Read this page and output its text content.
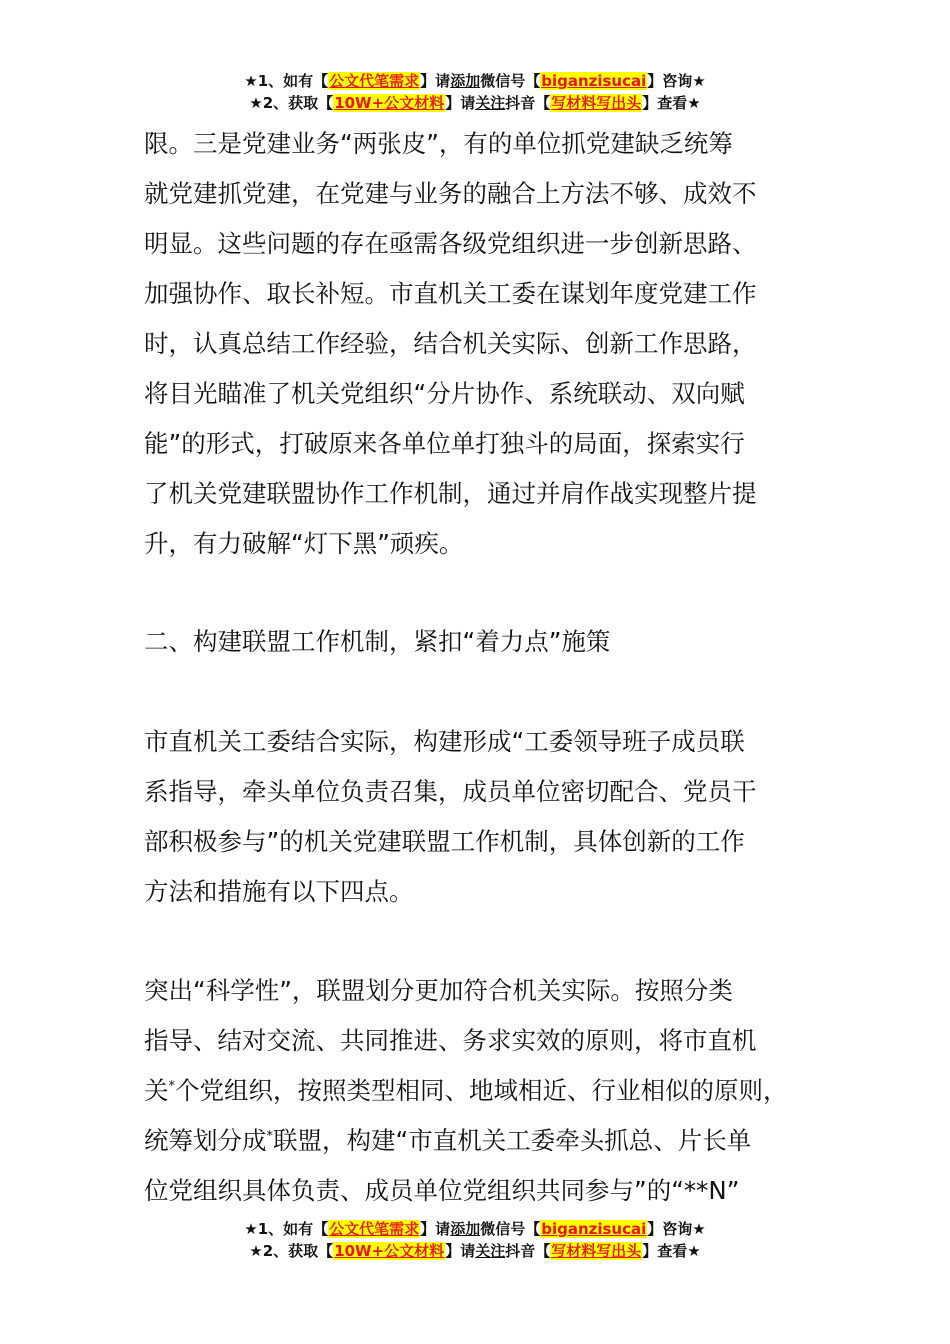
★1、如有【公文代笔需求】请添加微信号【biganzisucai】咨询★
★2、获取【10W+公文材料】请关注抖音【写材料写出头】查看★
限。三是党建业务“两张皮”，有的单位抓党建缺乏统筹
就党建抓党建，在党建与业务的融合上方法不够、成效不
明显。这些问题的存在亟需各级党组织进一步创新思路、
加强协作、取长补短。市直机关工委在谋划年度党建工作
时，认真总结工作经验，结合机关实际、创新工作思路，
将目光瞄准了机关党组织“分片协作、系统联动、双向赋
能”的形式，打破原来各单位单打独斗的局面，探索实行
了机关党建联盟协作工作机制，通过并肩作战实现整片提
升，有力破解“灯下黑”顽疾。
二、构建联盟工作机制，紧扣“着力点”施策
市直机关工委结合实际，构建形成“工委领导班子成员联
系指导，牵头单位负责召集，成员单位密切配合、党员干
部积极参与”的机关党建联盟工作机制，具体创新的工作
方法和措施有以下四点。
突出“科学性”，联盟划分更加符合机关实际。按照分类
指导、结对交流、共同推进、务求实效的原则，将市直机
关*个党组织，按照类型相同、地域相近、行业相似的原则，
统筹划分成*联盟，构建“市直机关工委牵头抓总、片长单
位党组织具体负责、成员单位党组织共同参与”的“**N”
★1、如有【公文代笔需求】请添加微信号【biganzisucai】咨询★
★2、获取【10W+公文材料】请关注抖音【写材料写出头】查看★
